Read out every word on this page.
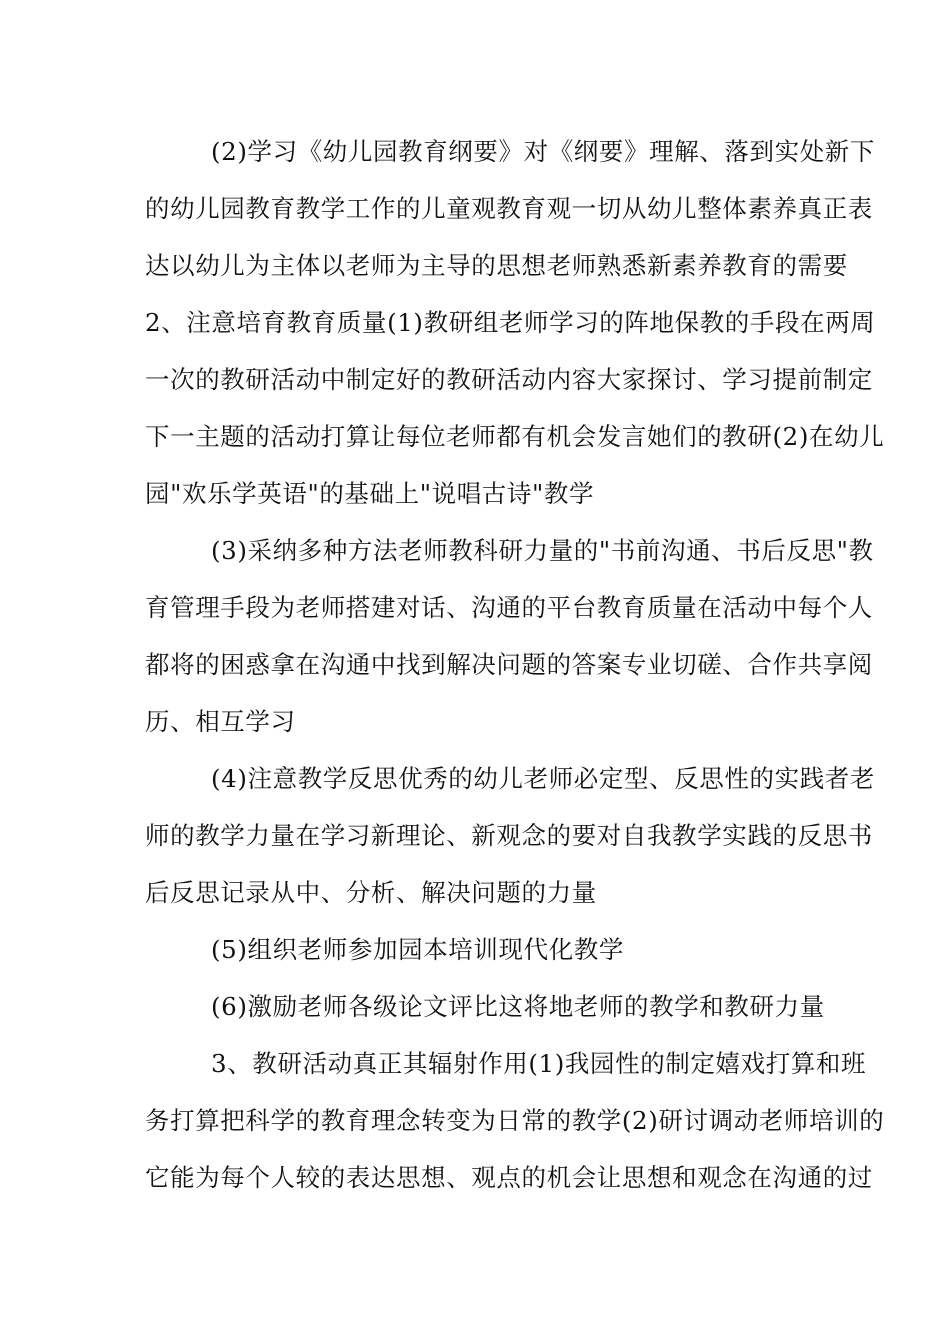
(2)学习《幼儿园教育纲要》对《纲要》理解、落到实处新下
的幼儿园教育教学工作的儿童观教育观一切从幼儿整体素养真正表
达以幼儿为主体以老师为主导的思想老师熟悉新素养教育的需要
2、注意培育教育质量(1)教研组老师学习的阵地保教的手段在两周
一次的教研活动中制定好的教研活动内容大家探讨、学习提前制定
下一主题的活动打算让每位老师都有机会发言她们的教研(2)在幼儿
园"欢乐学英语"的基础上"说唱古诗"教学
(3)采纳多种方法老师教科研力量的"书前沟通、书后反思"教
育管理手段为老师搭建对话、沟通的平台教育质量在活动中每个人
都将的困惑拿在沟通中找到解决问题的答案专业切磋、合作共享阅
历、相互学习
(4)注意教学反思优秀的幼儿老师必定型、反思性的实践者老
师的教学力量在学习新理论、新观念的要对自我教学实践的反思书
后反思记录从中、分析、解决问题的力量
(5)组织老师参加园本培训现代化教学
(6)激励老师各级论文评比这将地老师的教学和教研力量
3、教研活动真正其辐射作用(1)我园性的制定嬉戏打算和班
务打算把科学的教育理念转变为日常的教学(2)研讨调动老师培训的
它能为每个人较的表达思想、观点的机会让思想和观念在沟通的过
